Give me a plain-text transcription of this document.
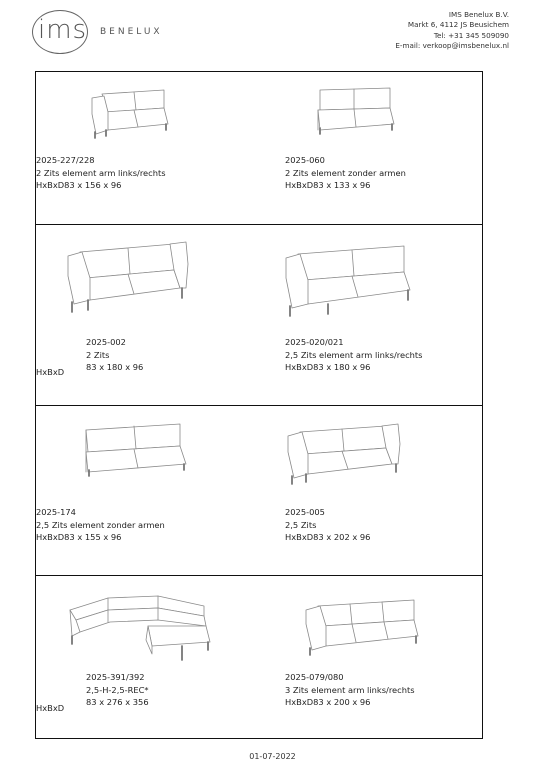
ims BENELUX
IMS Benelux B.V.
Markt 6, 4112 JS Beusichem
Tel: +31 345 509090
E-mail: verkoop@imsbenelux.nl
2025-227/228
2 Zits element arm links/rechts
HxBxD83 x 156 x 96
2025-060
2 Zits element zonder armen
HxBxD83 x 133 x 96
2025-002
2 Zits
83 x 180 x 96
HxBxD
2025-020/021
2,5 Zits element arm links/rechts
HxBxD83 x 180 x 96
2025-174
2,5 Zits element zonder armen
HxBxD83 x 155 x 96
2025-005
2,5 Zits
HxBxD83 x 202 x 96
2025-391/392
2,5-H-2,5-REC*
83 x 276 x 356
HxBxD
2025-079/080
3 Zits element arm links/rechts
HxBxD83 x 200 x 96
01-07-2022
